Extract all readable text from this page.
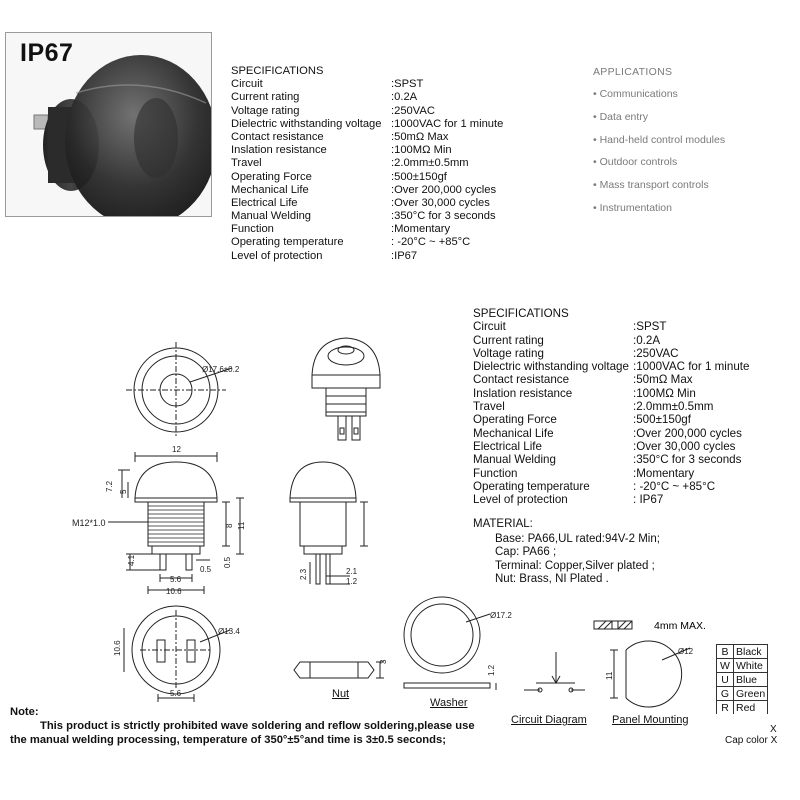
IP67
SPECIFICATIONS
Circuit	:SPST
Current rating	:0.2A
Voltage rating	:250VAC
Dielectric withstanding voltage :1000VAC for 1 minute
Contact resistance	:50mΩ Max
Inslation resistance	:100MΩ Min
Travel	:2.0mm±0.5mm
Operating Force	:500±150gf
Mechanical Life	:Over 200,000 cycles
Electrical Life	:Over 30,000 cycles
Manual Welding	:350°C for 3 seconds
Function	:Momentary
Operating temperature	: -20°C ~ +85°C
Level of protection	:IP67
APPLICATIONS
• Communications
• Data entry
• Hand-held control modules
• Outdoor controls
• Mass transport controls
• Instrumentation
SPECIFICATIONS
Circuit	:SPST
Current rating	:0.2A
Voltage rating	:250VAC
Dielectric withstanding voltage :1000VAC for 1 minute
Contact resistance	:50mΩ Max
Inslation resistance	:100MΩ Min
Travel	:2.0mm±0.5mm
Operating Force	:500±150gf
Mechanical Life	:Over 200,000 cycles
Electrical Life	:Over 30,000 cycles
Manual Welding	:350°C for 3 seconds
Function	:Momentary
Operating temperature	: -20°C ~ +85°C
Level of protection	: IP67
MATERIAL:
Base: PA66,UL rated:94V-2 Min;
Cap: PA66 ;
Terminal: Copper,Silver plated ;
Nut: Brass, NI Plated .
Ø17.6±0.2
12
7.2 5
M12*1.0	8 11
4.1
0.5
0.5
5.6
10.6
2.3	2.1
1.2
Ø13.4
10.6
5.6
3
Ø17.2
1.2
4mm MAX.
Ø12
11
Nut
Washer
Circuit Diagram Panel Mounting
B	Black
W	White
U	Blue
G	Green
R	Red
X
Cap color X
Note:
This product is strictly prohibited wave soldering and reflow soldering,please use
the manual welding processing, temperature of 350°±5°and time is 3±0.5 seconds;
